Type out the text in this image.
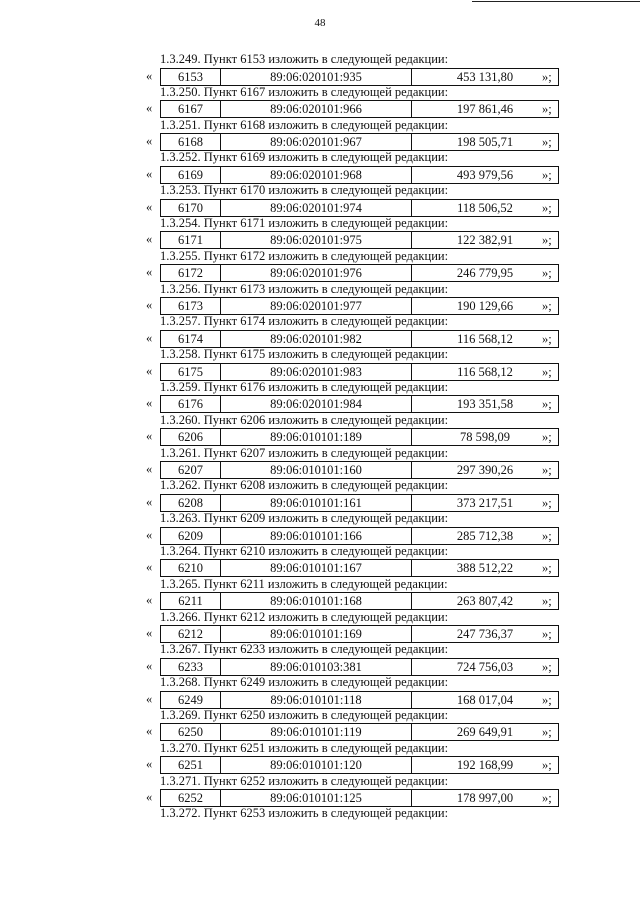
48
1.3.249. Пункт 6153 изложить в следующей редакции:
«	6153	89:06:020101:935	453 131,80	»;
1.3.250. Пункт 6167 изложить в следующей редакции:
«	6167	89:06:020101:966	197 861,46	»;
1.3.251. Пункт 6168 изложить в следующей редакции:
«	6168	89:06:020101:967	198 505,71	»;
1.3.252. Пункт 6169 изложить в следующей редакции:
«	6169	89:06:020101:968	493 979,56	»;
1.3.253. Пункт 6170 изложить в следующей редакции:
«	6170	89:06:020101:974	118 506,52	»;
1.3.254. Пункт 6171 изложить в следующей редакции:
«	6171	89:06:020101:975	122 382,91	»;
1.3.255. Пункт 6172 изложить в следующей редакции:
«	6172	89:06:020101:976	246 779,95	»;
1.3.256. Пункт 6173 изложить в следующей редакции:
«	6173	89:06:020101:977	190 129,66	»;
1.3.257. Пункт 6174 изложить в следующей редакции:
«	6174	89:06:020101:982	116 568,12	»;
1.3.258. Пункт 6175 изложить в следующей редакции:
«	6175	89:06:020101:983	116 568,12	»;
1.3.259. Пункт 6176 изложить в следующей редакции:
«	6176	89:06:020101:984	193 351,58	»;
1.3.260. Пункт 6206 изложить в следующей редакции:
«	6206	89:06:010101:189	78 598,09	»;
1.3.261. Пункт 6207 изложить в следующей редакции:
«	6207	89:06:010101:160	297 390,26	»;
1.3.262. Пункт 6208 изложить в следующей редакции:
«	6208	89:06:010101:161	373 217,51	»;
1.3.263. Пункт 6209 изложить в следующей редакции:
«	6209	89:06:010101:166	285 712,38	»;
1.3.264. Пункт 6210 изложить в следующей редакции:
«	6210	89:06:010101:167	388 512,22	»;
1.3.265. Пункт 6211 изложить в следующей редакции:
«	6211	89:06:010101:168	263 807,42	»;
1.3.266. Пункт 6212 изложить в следующей редакции:
«	6212	89:06:010101:169	247 736,37	»;
1.3.267. Пункт 6233 изложить в следующей редакции:
«	6233	89:06:010103:381	724 756,03	»;
1.3.268. Пункт 6249 изложить в следующей редакции:
«	6249	89:06:010101:118	168 017,04	»;
1.3.269. Пункт 6250 изложить в следующей редакции:
«	6250	89:06:010101:119	269 649,91	»;
1.3.270. Пункт 6251 изложить в следующей редакции:
«	6251	89:06:010101:120	192 168,99	»;
1.3.271. Пункт 6252 изложить в следующей редакции:
«	6252	89:06:010101:125	178 997,00	»;
1.3.272. Пункт 6253 изложить в следующей редакции:
